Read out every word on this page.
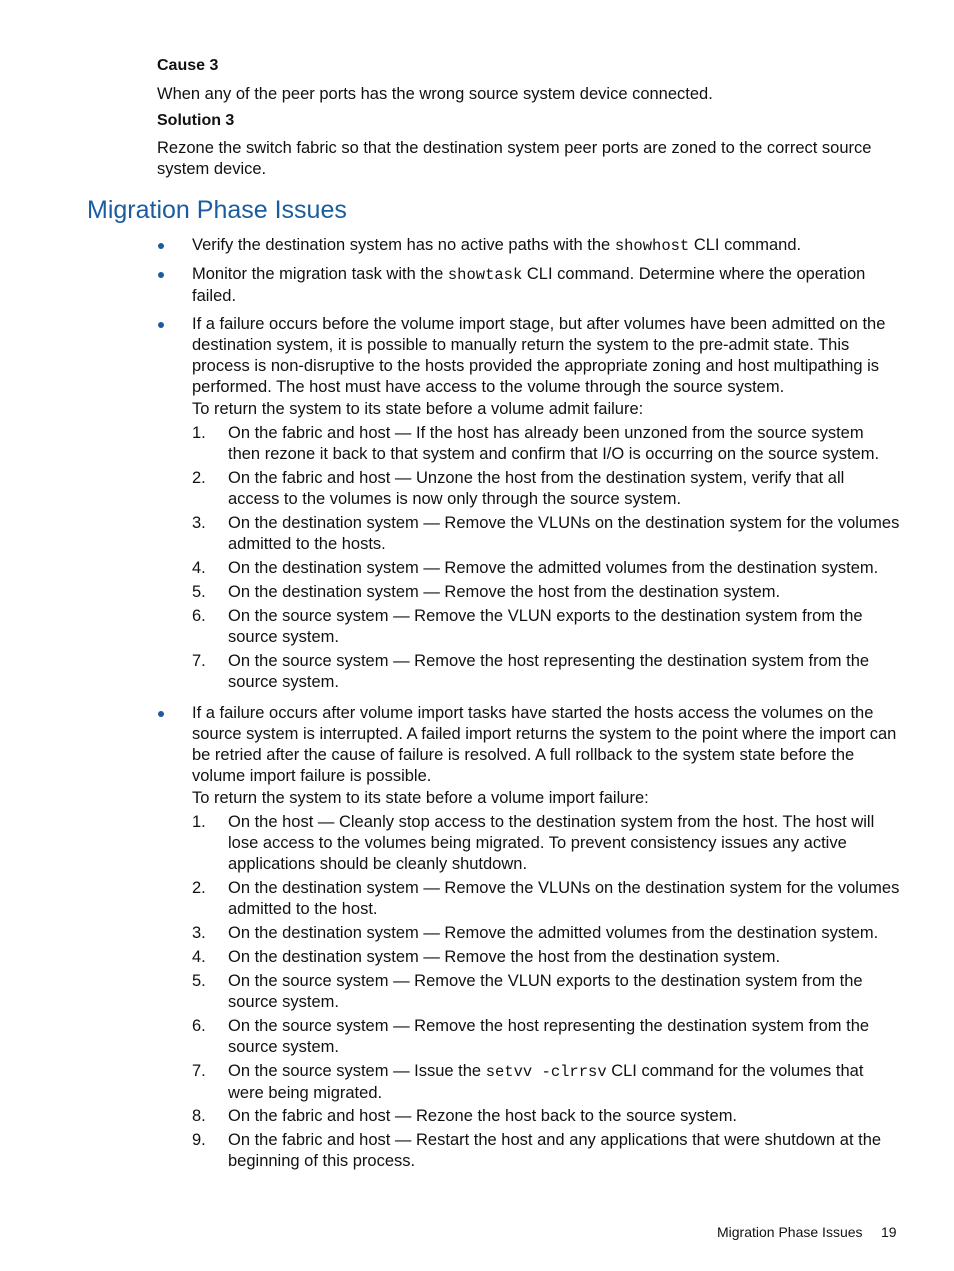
Cause 3
When any of the peer ports has the wrong source system device connected.
Solution 3
Rezone the switch fabric so that the destination system peer ports are zoned to the correct source system device.
Migration Phase Issues
Verify the destination system has no active paths with the showhost CLI command.
Monitor the migration task with the showtask CLI command. Determine where the operation failed.
If a failure occurs before the volume import stage, but after volumes have been admitted on the destination system, it is possible to manually return the system to the pre-admit state. This process is non-disruptive to the hosts provided the appropriate zoning and host multipathing is performed. The host must have access to the volume through the source system.
To return the system to its state before a volume admit failure:
1.	On the fabric and host — If the host has already been unzoned from the source system then rezone it back to that system and confirm that I/O is occurring on the source system.
2.	On the fabric and host — Unzone the host from the destination system, verify that all access to the volumes is now only through the source system.
3.	On the destination system — Remove the VLUNs on the destination system for the volumes admitted to the hosts.
4.	On the destination system — Remove the admitted volumes from the destination system.
5.	On the destination system — Remove the host from the destination system.
6.	On the source system — Remove the VLUN exports to the destination system from the source system.
7.	On the source system — Remove the host representing the destination system from the source system.
If a failure occurs after volume import tasks have started the hosts access the volumes on the source system is interrupted. A failed import returns the system to the point where the import can be retried after the cause of failure is resolved. A full rollback to the system state before the volume import failure is possible.
To return the system to its state before a volume import failure:
1.	On the host — Cleanly stop access to the destination system from the host. The host will lose access to the volumes being migrated. To prevent consistency issues any active applications should be cleanly shutdown.
2.	On the destination system — Remove the VLUNs on the destination system for the volumes admitted to the host.
3.	On the destination system — Remove the admitted volumes from the destination system.
4.	On the destination system — Remove the host from the destination system.
5.	On the source system — Remove the VLUN exports to the destination system from the source system.
6.	On the source system — Remove the host representing the destination system from the source system.
7.	On the source system — Issue the setvv -clrrsv CLI command for the volumes that were being migrated.
8.	On the fabric and host — Rezone the host back to the source system.
9.	On the fabric and host — Restart the host and any applications that were shutdown at the beginning of this process.
Migration Phase Issues 19
